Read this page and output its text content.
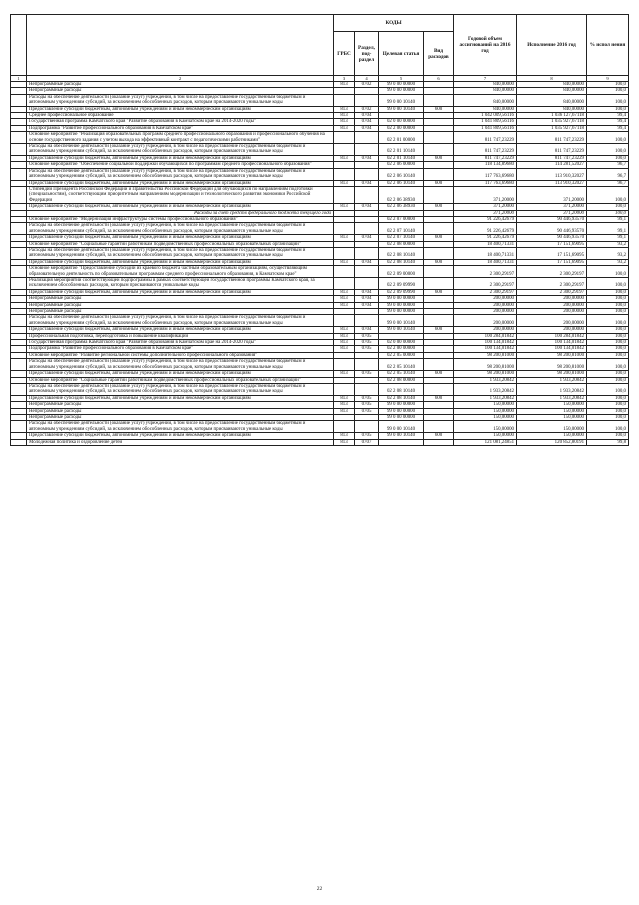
		КОДЫ				Годовой объем ассигнований на 2016 год	Исполнение 2016 год	% испол нения
		ГРБС	Раздел, под-раздел	Целевая статья	Вид расходов			
1	2	3	4	5	6	7	8	9
	Непрограммные расходы	813	0702	99 0 00 00000		840,00000	840,00000	100,0
	Непрограммные расходы			99 0 00 00000		840,00000	840,00000	100,0
	Расходы на обеспечение деятельности (оказание услуг) учреждений, в том числе на предоставление государственным бюджетным и автономным учреждениям субсидий, за исключением обособленных расходов, которым присваиваются уникальные коды			99 0 00 10140		840,00000	840,00000	100,0
	Предоставление субсидий бюджетным, автономным учреждениям и иным некоммерческим организациям	813	0702	99 0 00 10140	600	840,00000	840,00000	100,0
	Среднее профессиональное образование	813	0704			1 042 009,56116	1 036 127,67118	99,4
	Государственная программа Камчатского края "Развитие образования в Камчатском крае на 2014-2020 годы"	813	0704	02 0 00 00000		1 041 809,56116	1 035 927,67118	99,4
	Подпрограмма "Развитие профессионального образования в Камчатском крае"	813	0704	02 2 00 00000		1 041 809,56116	1 035 927,67118	99,4
	Основное мероприятие "Реализация образовательных программ среднего профессионального образования и профессионального обучения на основе государственного задания с учетом выхода на эффективный контракт с педагогическими работниками"			02 2 01 00000		811 747,23229	811 747,23229	100,0
	Расходы на обеспечение деятельности (оказание услуг) учреждений, в том числе на предоставление государственным бюджетным и автономным учреждениям субсидий, за исключением обособленных расходов, которым присваиваются уникальные коды			02 2 01 10140		811 747,23229	811 747,23229	100,0
	Предоставление субсидий бюджетным, автономным учреждениям и иным некоммерческим организациям	813	0704	02 2 01 10140	600	811 747,23229	811 747,23229	100,0
	Основное мероприятие "Обеспечение социальной поддержки обучающихся по программам среднего профессионального образования"			02 2 06 00000		118 134,89680	114 281,52027	96,7
	Расходы на обеспечение деятельности (оказание услуг) учреждений, в том числе на предоставление государственным бюджетным и автономным учреждениям субсидий, за исключением обособленных расходов, которым присваиваются уникальные коды			02 2 06 10140		117 763,69680	113 910,32027	96,7
	Предоставление субсидий бюджетным, автономным учреждениям и иным некоммерческим организациям	813	0704	02 2 06 10140	600	117 763,69680	113 910,32027	96,7
	Стипендии Президента Российской Федерации и Правительства Российской Федерации для обучающихся по направлениям подготовки (специальностям), соответствующим приоритетным направлениям модернизации и технологического развития экономики Российской Федерации			02 2 06 38930		371,20000	371,20000	100,0
	Предоставление субсидий бюджетным, автономным учреждениям и иным некоммерческим организациям	813	0704	02 2 06 38930	600	371,20000	371,20000	100,0
	Расходы за счет средств федерального бюджета текущего года					371,20000	371,20000	100,0
	Основное мероприятие "Модернизация инфраструктуры системы профессионального образования"			02 2 07 00000		91 226,42679	90 446,93570	99,1
	Расходы на обеспечение деятельности (оказание услуг) учреждений, в том числе на предоставление государственным бюджетным и автономным учреждениям субсидий, за исключением обособленных расходов, которым присваиваются уникальные коды			02 2 07 10140		91 226,42679	90 446,93570	99,1
	Предоставление субсидий бюджетным, автономным учреждениям и иным некоммерческим организациям	813	0704	02 2 07 10140	600	91 226,42679	90 446,93570	99,1
	Основное мероприятие "Социальные гарантии работникам подведомственных профессиональных образовательных организаций"			02 2 08 00000		18 400,71331	17 151,69095	93,2
	Расходы на обеспечение деятельности (оказание услуг) учреждений, в том числе на предоставление государственным бюджетным и автономным учреждениям субсидий, за исключением обособленных расходов, которым присваиваются уникальные коды			02 2 08 10140		18 400,71331	17 151,69095	93,2
	Предоставление субсидий бюджетным, автономным учреждениям и иным некоммерческим организациям	813	0704	02 2 08 10140	600	18 400,71331	17 151,69095	93,2
	Основное мероприятие "Предоставление субсидий из краевого бюджета частным образовательным организациям, осуществляющим образовательную деятельность по образовательным программам среднего профессионального образования, в Камчатском крае"			02 2 09 00000		2 300,29197	2 300,29197	100,0
	Реализация мероприятий соответствующей подпрограммы в рамках соответствующей государственной программы Камчатского края, за исключением обособленных расходов, которым присваиваются уникальные коды			02 2 09 09990		2 300,29197	2 300,29197	100,0
	Предоставление субсидий бюджетным, автономным учреждениям и иным некоммерческим организациям	813	0704	02 2 09 09990	600	2 300,29197	2 300,29197	100,0
	Непрограммные расходы	813	0704	99 0 00 00000		200,00000	200,00000	100,0
	Непрограммные расходы	813	0704	99 0 00 00000		200,00000	200,00000	100,0
	Непрограммные расходы			99 0 00 00000		200,00000	200,00000	100,0
	Расходы на обеспечение деятельности (оказание услуг) учреждений, в том числе на предоставление государственным бюджетным и автономным учреждениям субсидий, за исключением обособленных расходов, которым присваиваются уникальные коды			99 0 00 10140		200,00000	200,00000	100,0
	Предоставление субсидий бюджетным, автономным учреждениям и иным некоммерческим организациям	813	0704	99 0 00 10140	600	200,00000	200,00000	100,0
	Профессиональная подготовка, переподготовка и повышение квалификации	813	0705			100 284,01842	100 284,01842	100,0
	Государственная программа Камчатского края "Развитие образования в Камчатском крае на 2014-2020 годы"	813	0705	02 0 00 00000		100 134,01842	100 134,01842	100,0
	Подпрограмма "Развитие профессионального образования в Камчатском крае"	813	0705	02 2 00 00000		100 134,01842	100 134,01842	100,0
	Основное мероприятие "Развитие региональной системы дополнительного профессионального образования"			02 2 05 00000		98 200,81000	98 200,81000	100,0
	Расходы на обеспечение деятельности (оказание услуг) учреждений, в том числе на предоставление государственным бюджетным и автономным учреждениям субсидий, за исключением обособленных расходов, которым присваиваются уникальные коды			02 2 05 10140		98 200,81000	98 200,81000	100,0
	Предоставление субсидий бюджетным, автономным учреждениям и иным некоммерческим организациям	813	0705	02 2 05 10140	600	98 200,81000	98 200,81000	100,0
	Основное мероприятие "Социальные гарантии работникам подведомственных профессиональных образовательных организаций"			02 2 08 00000		1 933,20842	1 933,20842	100,0
	Расходы на обеспечение деятельности (оказание услуг) учреждений, в том числе на предоставление государственным бюджетным и автономным учреждениям субсидий, за исключением обособленных расходов, которым присваиваются уникальные коды			02 2 08 10140		1 933,20842	1 933,20842	100,0
	Предоставление субсидий бюджетным, автономным учреждениям и иным некоммерческим организациям	813	0705	02 2 08 10140	600	1 933,20842	1 933,20842	100,0
	Непрограммные расходы	813	0705	99 0 00 00000		150,00000	150,00000	100,0
	Непрограммные расходы	813	0705	99 0 00 00000		150,00000	150,00000	100,0
	Непрограммные расходы			99 0 00 00000		150,00000	150,00000	100,0
	Расходы на обеспечение деятельности (оказание услуг) учреждений, в том числе на предоставление государственным бюджетным и автономным учреждениям субсидий, за исключением обособленных расходов, которым присваиваются уникальные коды			99 0 00 10140		150,00000	150,00000	100,0
	Предоставление субсидий бюджетным, автономным учреждениям и иным некоммерческим организациям	813	0705	99 0 00 10140	600	150,00000	150,00000	100,0
	Молодежная политика и оздоровление детей	813	0707			121 081,24851	120 852,80191	99,8
22
